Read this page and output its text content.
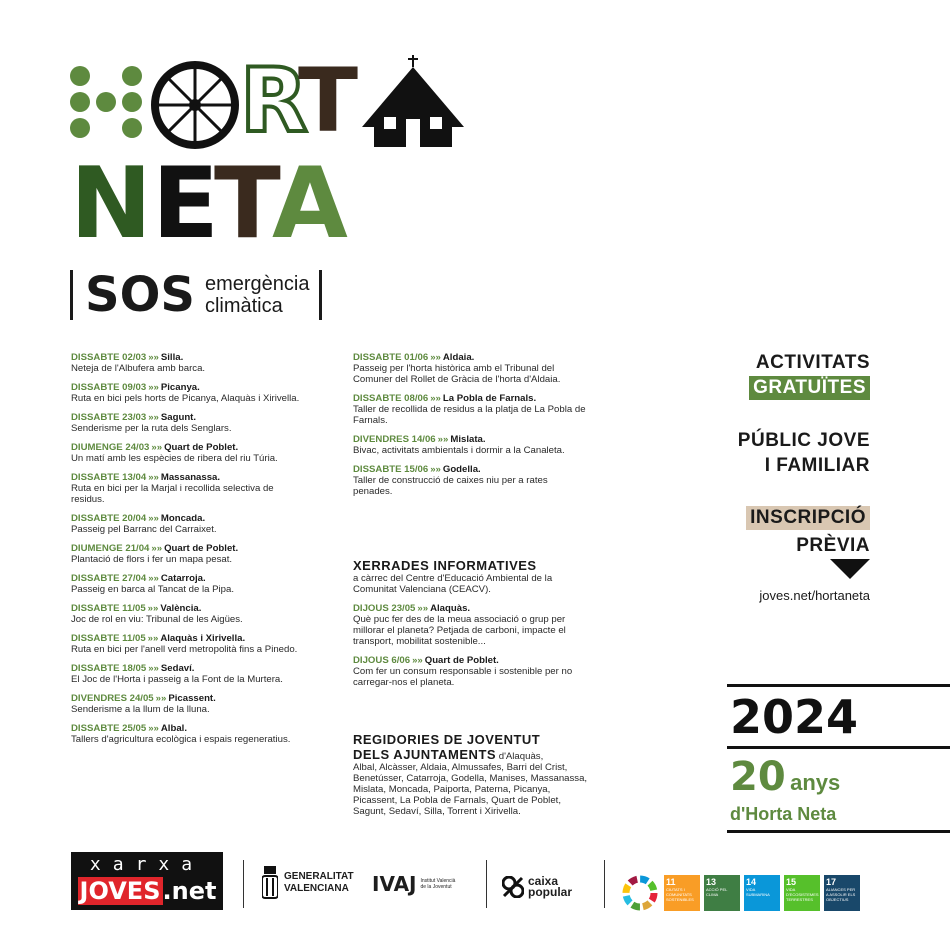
R
T
N E
T
A
SOS emergència
climàtica
DISSABTE 02/03 »» Silla.
Neteja de l'Albufera amb barca.
DISSABTE 09/03 »» Picanya.
Ruta en bici pels horts de Picanya, Alaquàs i Xirivella.
DISSABTE 23/03 »» Sagunt.
Senderisme per la ruta dels Senglars.
DIUMENGE 24/03 »» Quart de Poblet.
Un matí amb les espècies de ribera del riu Túria.
DISSABTE 13/04 »» Massanassa.
Ruta en bici per la Marjal i recollida selectiva de residus.
DISSABTE 20/04 »» Moncada.
Passeig pel Barranc del Carraixet.
DIUMENGE 21/04 »» Quart de Poblet.
Plantació de flors i fer un mapa pesat.
DISSABTE 27/04 »» Catarroja.
Passeig en barca al Tancat de la Pipa.
DISSABTE 11/05 »» València.
Joc de rol en viu: Tribunal de les Aigües.
DISSABTE 11/05 »» Alaquàs i Xirivella.
Ruta en bici per l'anell verd metropolità fins a Pinedo.
DISSABTE 18/05 »» Sedaví.
El Joc de l'Horta i passeig a la Font de la Murtera.
DIVENDRES 24/05 »» Picassent.
Senderisme a la llum de la lluna.
DISSABTE 25/05 »» Albal.
Tallers d'agricultura ecològica i espais regeneratius.
DISSABTE 01/06 »» Aldaia.
Passeig per l'horta històrica amb el Tribunal del Comuner del Rollet de Gràcia de l'horta d'Aldaia.
DISSABTE 08/06 »» La Pobla de Farnals.
Taller de recollida de residus a la platja de La Pobla de Farnals.
DIVENDRES 14/06 »» Mislata.
Bivac, activitats ambientals i dormir a la Canaleta.
DISSABTE 15/06 »» Godella.
Taller de construcció de caixes niu per a rates penades.
XERRADES INFORMATIVES
a càrrec del Centre d'Educació Ambiental de la Comunitat Valenciana (CEACV).
DIJOUS 23/05 »» Alaquàs.
Què puc fer des de la meua associació o grup per millorar el planeta? Petjada de carboni, impacte el transport, mobilitat sostenible...
DIJOUS 6/06 »» Quart de Poblet.
Com fer un consum responsable i sostenible per no carregar-nos el planeta.
REGIDORIES DE JOVENTUT
DELS AJUNTAMENTS d'Alaquàs,
Albal, Alcàsser, Aldaia, Almussafes, Barri del Crist, Benetússer, Catarroja, Godella, Manises, Massanassa, Mislata, Moncada, Paiporta, Paterna, Picanya, Picassent, La Pobla de Farnals, Quart de Poblet, Sagunt, Sedaví, Silla, Torrent i Xirivella.
ACTIVITATS
GRATUÏTES
PÚBLIC JOVE
I FAMILIAR
INSCRIPCIÓ
PRÈVIA
joves.net/hortaneta
2024
20 anys
d'Horta Neta
xarxa
JOVES.net
GENERALITAT
VALENCIANA IVAJ Institut Valencià
de la Joventut	caixa
popular
11
CIUTATS I COMUNITATS SOSTENIBLES
13
ACCIÓ PEL CLIMA
14
VIDA SUBMARINA
15
VIDA D'ECOSISTEMES TERRESTRES
17
ALIANCES PER A ASSOLIR ELS OBJECTIUS
